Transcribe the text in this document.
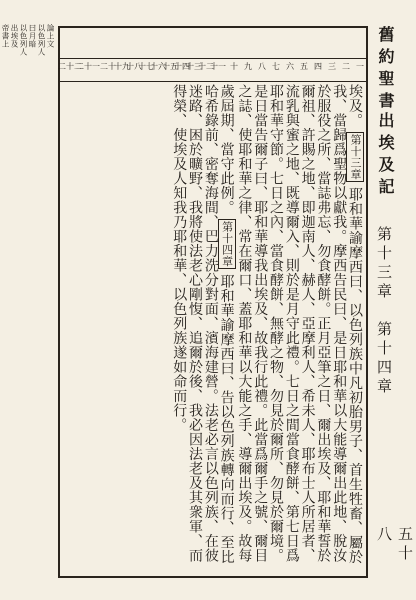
論上文
以色列人
曰月暗
以色列人
出埃及
帝書上
一
二
三
四
五
六
七
八
九
十
十一
十二
十三
十四
十五
十六
十七
十八
十九
二十
二十一
二十二	舊約聖書
出埃及記
第十三章　第十四章
五十八
埃及。 第十三章 耶和華諭摩西曰、以色列族中凡初胎男子、首生牲畜、屬於我、當歸爲聖物以獻我。摩西告民曰、是日耶和華以大能導爾出此地、脫汝於服役之所、當誌弗忘、勿食酵餅。正月亞筆之日、爾出埃及、耶和華誓於爾祖、許賜之地、即迦南人、赫人、亞摩利人、希未人、耶布士人所居者、流乳與蜜之地、既導爾入、則於是月守此禮。七日之間當食酵餅、第七日爲耶和華守節。七日之內、當食酵餅、無酵之物、勿見於爾所、勿見於爾境。是日當告爾子曰、耶和華導我出埃及、故我行此禮。此當爲爾手之號、爾目之誌、使耶和華之律、常在爾口、蓋耶和華以大能之手、導爾出埃及。故每歲屆期、當守此例。 第十四章 耶和華諭摩西曰、告以色列族轉向而行、至比哈希錄前、密奪海間、巴力洗分對面、濱海建營。法老必言以色列族、在彼迷路、困於曠野、我將使法老心剛愎、追爾於後、我必因法老及其衆軍、而得榮、使埃及人知我乃耶和華、以色列族遂如命而行。
